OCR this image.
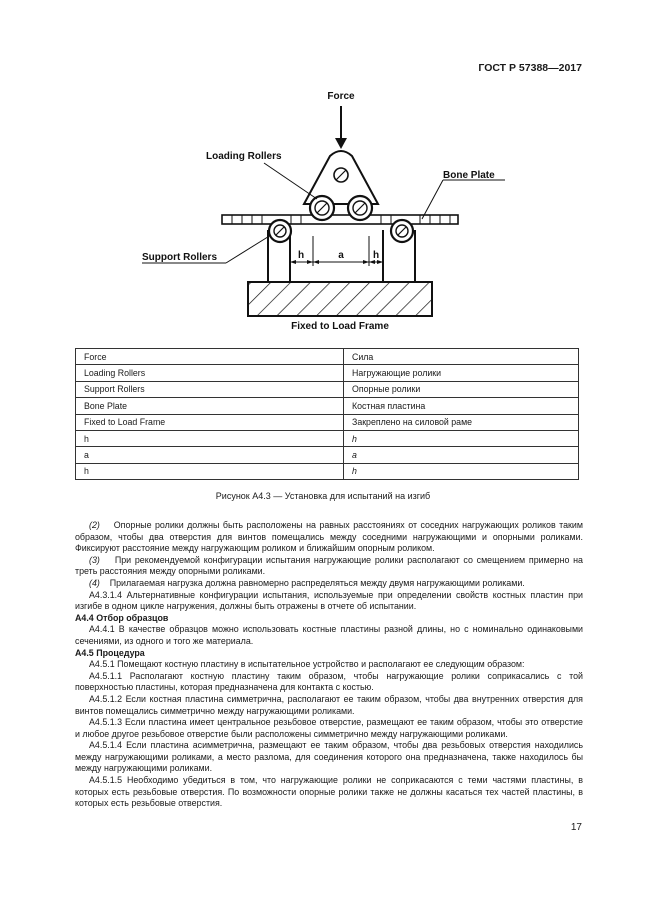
ГОСТ Р 57388—2017
Force
h	a	h
Fixed to Load Frame
Loading Rollers
Bone Plate
Support Rollers
Force	Сила
Loading Rollers	Нагружающие ролики
Support Rollers	Опорные ролики
Bone Plate	Костная пластина
Fixed to Load Frame	Закреплено на силовой раме
h	h
a	a
h	h
Рисунок А4.3 — Установка для испытаний на изгиб

(2) Опорные ролики должны быть расположены на равных расстояниях от соседних нагружающих роликов таким образом, чтобы два отверстия для винтов помещались между соседними нагружающими и опорными роликами. Фиксируют расстояние между нагружающим роликом и ближайшим опорным роликом.

(3) При рекомендуемой конфигурации испытания нагружающие ролики располагают со смещением примерно на треть расстояния между опорными роликами.

(4) Прилагаемая нагрузка должна равномерно распределяться между двумя нагружающими роликами.

А4.3.1.4 Альтернативные конфигурации испытания, используемые при определении свойств костных пластин при изгибе в одном цикле нагружения, должны быть отражены в отчете об испытании.

А4.4 Отбор образцов

А4.4.1 В качестве образцов можно использовать костные пластины разной длины, но с номинально одинаковыми сечениями, из одного и того же материала.

А4.5 Процедура

А4.5.1 Помещают костную пластину в испытательное устройство и располагают ее следующим образом:

А4.5.1.1 Располагают костную пластину таким образом, чтобы нагружающие ролики соприкасались с той поверхностью пластины, которая предназначена для контакта с костью.

А4.5.1.2 Если костная пластина симметрична, располагают ее таким образом, чтобы два внутренних отверстия для винтов помещались симметрично между нагружающими роликами.

А4.5.1.3 Если пластина имеет центральное резьбовое отверстие, размещают ее таким образом, чтобы это отверстие и любое другое резьбовое отверстие были расположены симметрично между нагружающими роликами.

А4.5.1.4 Если пластина асимметрична, размещают ее таким образом, чтобы два резьбовых отверстия находились между нагружающими роликами, а место разлома, для соединения которого она предназначена, также находилось бы между нагружающими роликами.

А4.5.1.5 Необходимо убедиться в том, что нагружающие ролики не соприкасаются с теми частями пластины, в которых есть резьбовые отверстия. По возможности опорные ролики также не должны касаться тех частей пластины, в которых есть резьбовые отверстия.

17
